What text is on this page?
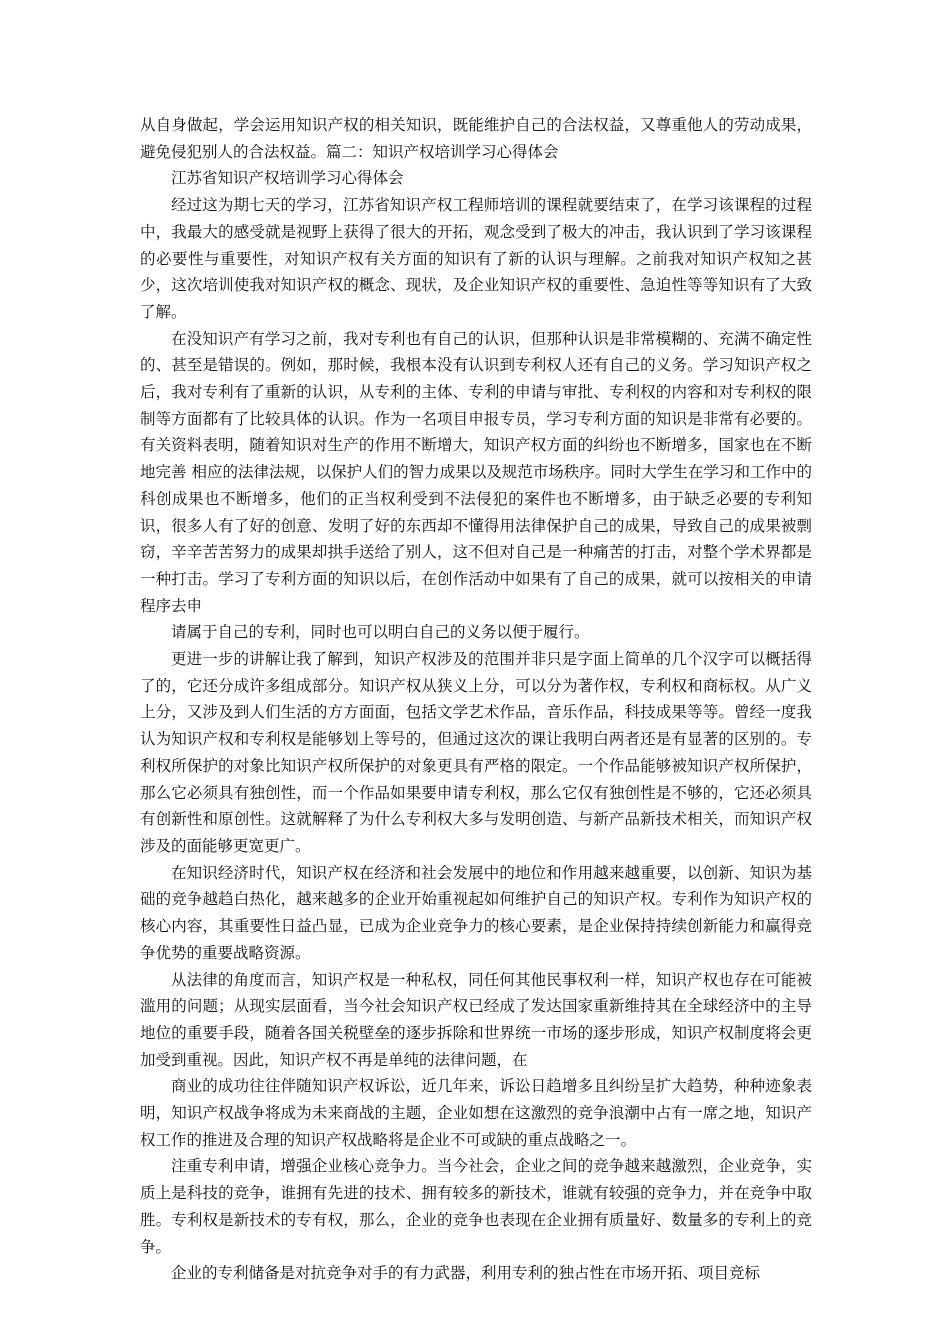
从自身做起，学会运用知识产权的相关知识，既能维护自己的合法权益，又尊重他人的劳动成果，避免侵犯别人的合法权益。篇二：知识产权培训学习心得体会

江苏省知识产权培训学习心得体会

经过这为期七天的学习，江苏省知识产权工程师培训的课程就要结束了，在学习该课程的过程中，我最大的感受就是视野上获得了很大的开拓，观念受到了极大的冲击，我认识到了学习该课程的必要性与重要性，对知识产权有关方面的知识有了新的认识与理解。之前我对知识产权知之甚少，这次培训使我对知识产权的概念、现状，及企业知识产权的重要性、急迫性等等知识有了大致了解。

在没知识产有学习之前，我对专利也有自己的认识，但那种认识是非常模糊的、充满不确定性的、甚至是错误的。例如，那时候，我根本没有认识到专利权人还有自己的义务。学习知识产权之后，我对专利有了重新的认识，从专利的主体、专利的申请与审批、专利权的内容和对专利权的限制等方面都有了比较具体的认识。作为一名项目申报专员，学习专利方面的知识是非常有必要的。有关资料表明，随着知识对生产的作用不断增大，知识产权方面的纠纷也不断增多，国家也在不断地完善 相应的法律法规，以保护人们的智力成果以及规范市场秩序。同时大学生在学习和工作中的科创成果也不断增多，他们的正当权利受到不法侵犯的案件也不断增多，由于缺乏必要的专利知识，很多人有了好的创意、发明了好的东西却不懂得用法律保护自己的成果，导致自己的成果被剽窃，辛辛苦苦努力的成果却拱手送给了别人，这不但对自己是一种痛苦的打击，对整个学术界都是一种打击。学习了专利方面的知识以后，在创作活动中如果有了自己的成果，就可以按相关的申请程序去申

请属于自己的专利，同时也可以明白自己的义务以便于履行。

更进一步的讲解让我了解到，知识产权涉及的范围并非只是字面上简单的几个汉字可以概括得了的，它还分成许多组成部分。知识产权从狭义上分，可以分为著作权，专利权和商标权。从广义上分，又涉及到人们生活的方方面面，包括文学艺术作品，音乐作品，科技成果等等。曾经一度我认为知识产权和专利权是能够划上等号的，但通过这次的课让我明白两者还是有显著的区别的。专利权所保护的对象比知识产权所保护的对象更具有严格的限定。一个作品能够被知识产权所保护，那么它必须具有独创性，而一个作品如果要申请专利权，那么它仅有独创性是不够的，它还必须具有创新性和原创性。这就解释了为什么专利权大多与发明创造、与新产品新技术相关，而知识产权涉及的面能够更宽更广。

在知识经济时代，知识产权在经济和社会发展中的地位和作用越来越重要，以创新、知识为基础的竞争越趋白热化，越来越多的企业开始重视起如何维护自己的知识产权。专利作为知识产权的核心内容，其重要性日益凸显，已成为企业竞争力的核心要素，是企业保持持续创新能力和赢得竞争优势的重要战略资源。

从法律的角度而言，知识产权是一种私权，同任何其他民事权利一样，知识产权也存在可能被滥用的问题；从现实层面看，当今社会知识产权已经成了发达国家重新维持其在全球经济中的主导地位的重要手段，随着各国关税壁垒的逐步拆除和世界统一市场的逐步形成，知识产权制度将会更加受到重视。因此，知识产权不再是单纯的法律问题，在

商业的成功往往伴随知识产权诉讼，近几年来，诉讼日趋增多且纠纷呈扩大趋势，种种迹象表明，知识产权战争将成为未来商战的主题，企业如想在这激烈的竞争浪潮中占有一席之地，知识产权工作的推进及合理的知识产权战略将是企业不可或缺的重点战略之一。

注重专利申请，增强企业核心竞争力。当今社会，企业之间的竞争越来越激烈，企业竞争，实质上是科技的竞争，谁拥有先进的技术、拥有较多的新技术，谁就有较强的竞争力，并在竞争中取胜。专利权是新技术的专有权，那么，企业的竞争也表现在企业拥有质量好、数量多的专利上的竞争。

企业的专利储备是对抗竞争对手的有力武器，利用专利的独占性在市场开拓、项目竞标
